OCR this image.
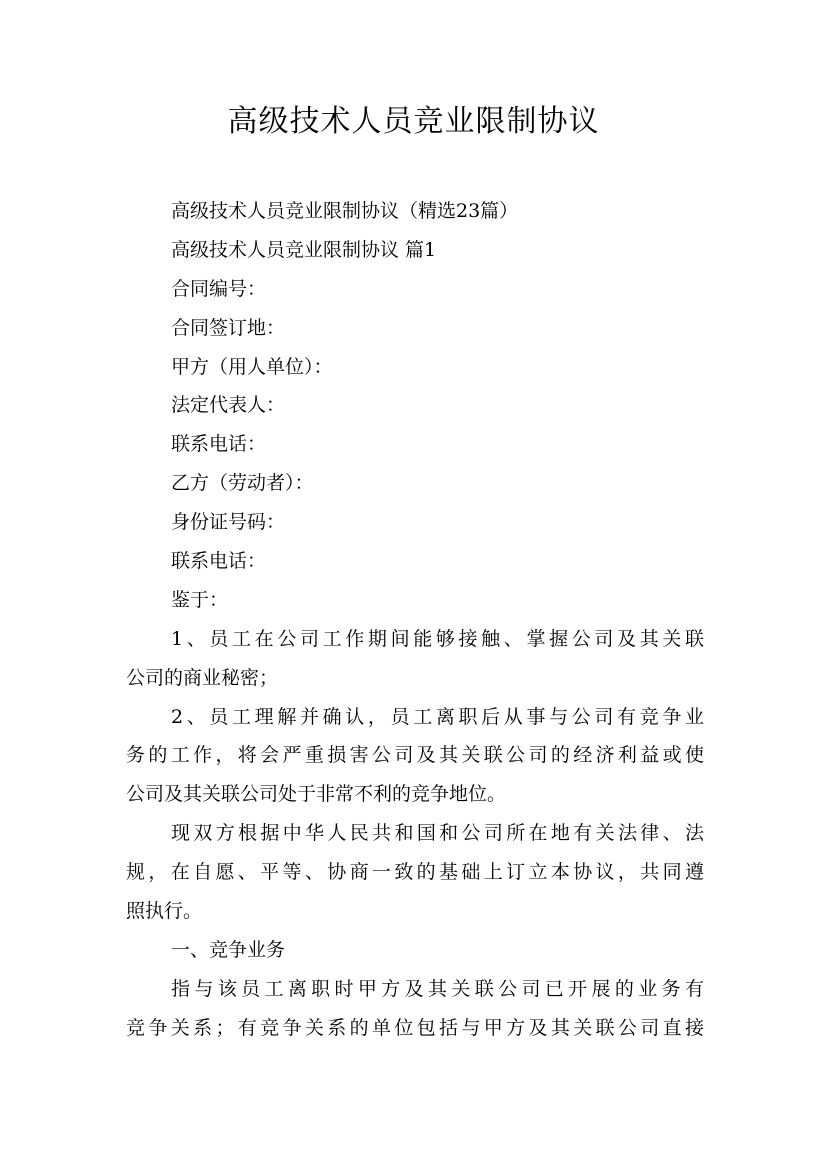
高级技术人员竞业限制协议
高级技术人员竞业限制协议（精选23篇）
高级技术人员竞业限制协议 篇1
合同编号：
合同签订地：
甲方（用人单位）：
法定代表人：
联系电话：
乙方（劳动者）：
身份证号码：
联系电话：
鉴于：
1、员工在公司工作期间能够接触、掌握公司及其关联
公司的商业秘密；
2、员工理解并确认，员工离职后从事与公司有竞争业
务的工作，将会严重损害公司及其关联公司的经济利益或使
公司及其关联公司处于非常不利的竞争地位。
现双方根据中华人民共和国和公司所在地有关法律、法
规，在自愿、平等、协商一致的基础上订立本协议，共同遵
照执行。
一、竞争业务
指与该员工离职时甲方及其关联公司已开展的业务有
竞争关系；有竞争关系的单位包括与甲方及其关联公司直接
